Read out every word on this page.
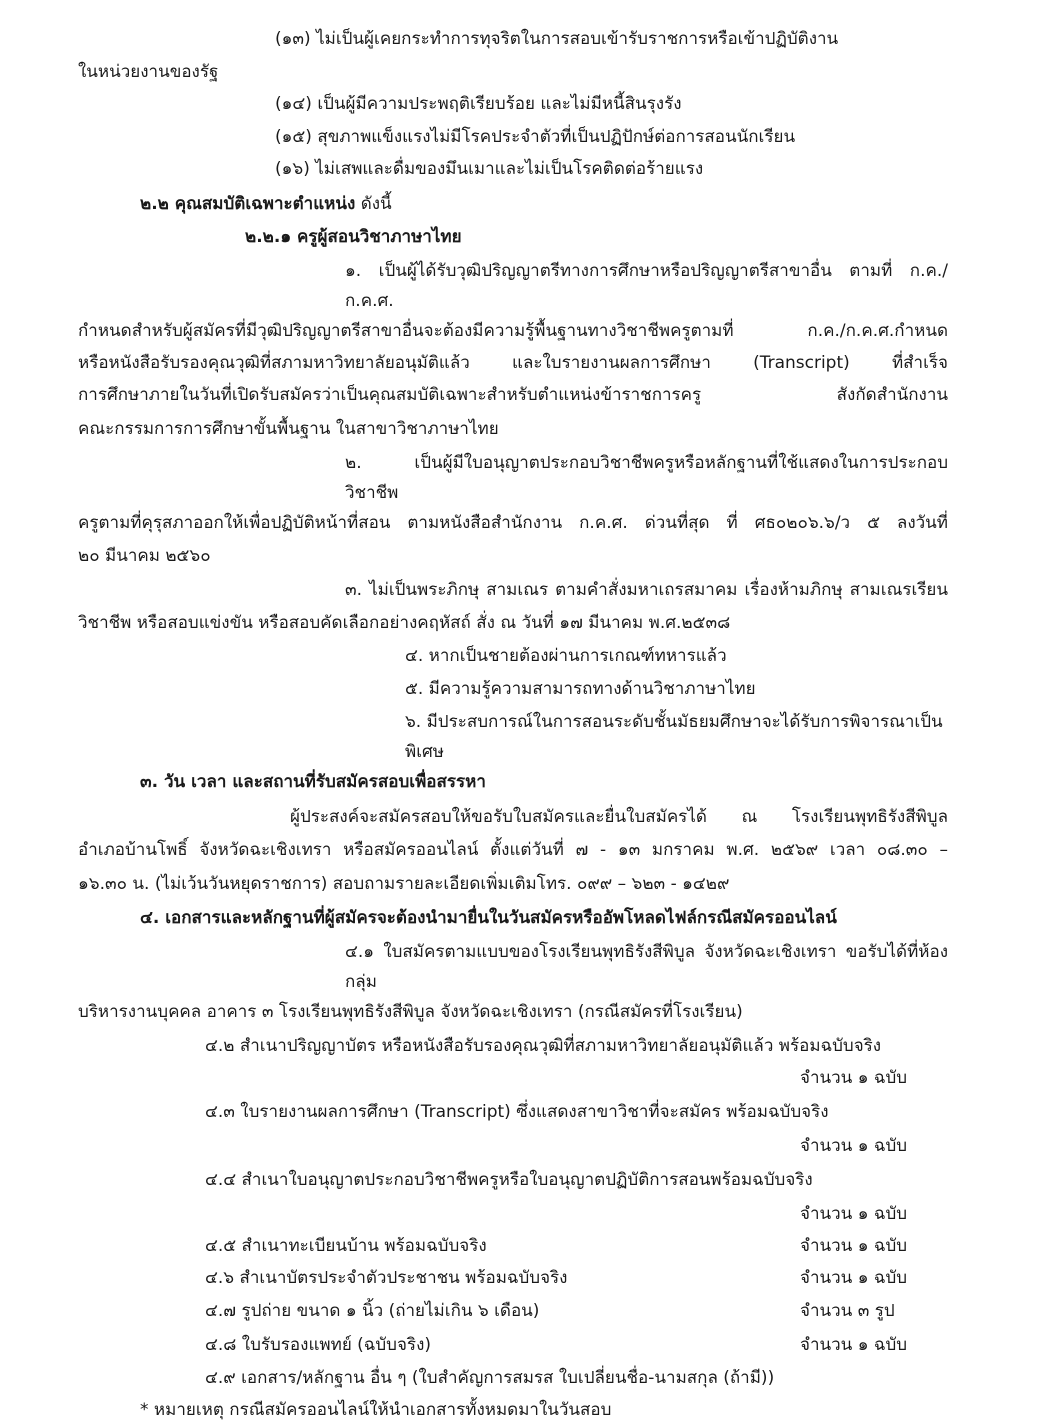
(๑๓) ไม่เป็นผู้เคยกระทำการทุจริตในการสอบเข้ารับราชการหรือเข้าปฏิบัติงาน
ในหน่วยงานของรัฐ
(๑๔) เป็นผู้มีความประพฤติเรียบร้อย และไม่มีหนี้สินรุงรัง
(๑๕) สุขภาพแข็งแรงไม่มีโรคประจำตัวที่เป็นปฏิปักษ์ต่อการสอนนักเรียน
(๑๖) ไม่เสพและดื่มของมึนเมาและไม่เป็นโรคติดต่อร้ายแรง
๒.๒ คุณสมบัติเฉพาะตำแหน่ง ดังนี้
๒.๒.๑ ครูผู้สอนวิชาภาษาไทย
๑. เป็นผู้ได้รับวุฒิปริญญาตรีทางการศึกษาหรือปริญญาตรีสาขาอื่น ตามที่ ก.ค./ก.ค.ศ.
กำหนดสำหรับผู้สมัครที่มีวุฒิปริญญาตรีสาขาอื่นจะต้องมีความรู้พื้นฐานทางวิชาชีพครูตามที่ ก.ค./ก.ค.ศ.กำหนด
หรือหนังสือรับรองคุณวุฒิที่สภามหาวิทยาลัยอนุมัติแล้ว และใบรายงานผลการศึกษา (Transcript) ที่สำเร็จ
การศึกษาภายในวันที่เปิดรับสมัครว่าเป็นคุณสมบัติเฉพาะสำหรับตำแหน่งข้าราชการครู สังกัดสำนักงาน
คณะกรรมการการศึกษาขั้นพื้นฐาน ในสาขาวิชาภาษาไทย
๒. เป็นผู้มีใบอนุญาตประกอบวิชาชีพครูหรือหลักฐานที่ใช้แสดงในการประกอบวิชาชีพ
ครูตามที่คุรุสภาออกให้เพื่อปฏิบัติหน้าที่สอน ตามหนังสือสำนักงาน ก.ค.ศ. ด่วนที่สุด ที่ ศธ๐๒๐๖.๖/ว ๕ ลงวันที่
๒๐ มีนาคม ๒๕๖๐
๓. ไม่เป็นพระภิกษุ สามเณร ตามคำสั่งมหาเถรสมาคม เรื่องห้ามภิกษุ สามเณรเรียน
วิชาชีพ หรือสอบแข่งขัน หรือสอบคัดเลือกอย่างคฤหัสถ์ สั่ง ณ วันที่ ๑๗ มีนาคม พ.ศ.๒๕๓๘
๔. หากเป็นชายต้องผ่านการเกณฑ์ทหารแล้ว
๕. มีความรู้ความสามารถทางด้านวิชาภาษาไทย
๖. มีประสบการณ์ในการสอนระดับชั้นมัธยมศึกษาจะได้รับการพิจารณาเป็นพิเศษ
๓. วัน เวลา และสถานที่รับสมัครสอบเพื่อสรรหา
ผู้ประสงค์จะสมัครสอบให้ขอรับใบสมัครและยื่นใบสมัครได้ ณ โรงเรียนพุทธิรังสีพิบูล
อำเภอบ้านโพธิ์ จังหวัดฉะเชิงเทรา หรือสมัครออนไลน์ ตั้งแต่วันที่ ๗ - ๑๓ มกราคม พ.ศ. ๒๕๖๙ เวลา ๐๘.๓๐ –
๑๖.๓๐ น. (ไม่เว้นวันหยุดราชการ) สอบถามรายละเอียดเพิ่มเติมโทร. ๐๙๙ – ๖๒๓ - ๑๔๒๙
๔. เอกสารและหลักฐานที่ผู้สมัครจะต้องนำมายื่นในวันสมัครหรืออัพโหลดไฟล์กรณีสมัครออนไลน์
๔.๑ ใบสมัครตามแบบของโรงเรียนพุทธิรังสีพิบูล จังหวัดฉะเชิงเทรา ขอรับได้ที่ห้องกลุ่ม
บริหารงานบุคคล อาคาร ๓ โรงเรียนพุทธิรังสีพิบูล จังหวัดฉะเชิงเทรา (กรณีสมัครที่โรงเรียน)
๔.๒ สำเนาปริญญาบัตร หรือหนังสือรับรองคุณวุฒิที่สภามหาวิทยาลัยอนุมัติแล้ว พร้อมฉบับจริง
จำนวน ๑ ฉบับ
๔.๓ ใบรายงานผลการศึกษา (Transcript) ซึ่งแสดงสาขาวิชาที่จะสมัคร พร้อมฉบับจริง
จำนวน ๑ ฉบับ
๔.๔ สำเนาใบอนุญาตประกอบวิชาชีพครูหรือใบอนุญาตปฏิบัติการสอนพร้อมฉบับจริง
จำนวน ๑ ฉบับ
๔.๕ สำเนาทะเบียนบ้าน พร้อมฉบับจริง	จำนวน ๑ ฉบับ
๔.๖ สำเนาบัตรประจำตัวประชาชน พร้อมฉบับจริง	จำนวน ๑ ฉบับ
๔.๗ รูปถ่าย ขนาด ๑ นิ้ว (ถ่ายไม่เกิน ๖ เดือน)	จำนวน ๓ รูป
๔.๘ ใบรับรองแพทย์ (ฉบับจริง)	จำนวน ๑ ฉบับ
๔.๙ เอกสาร/หลักฐาน อื่น ๆ (ใบสำคัญการสมรส ใบเปลี่ยนชื่อ-นามสกุล (ถ้ามี))
* หมายเหตุ กรณีสมัครออนไลน์ให้นำเอกสารทั้งหมดมาในวันสอบ
